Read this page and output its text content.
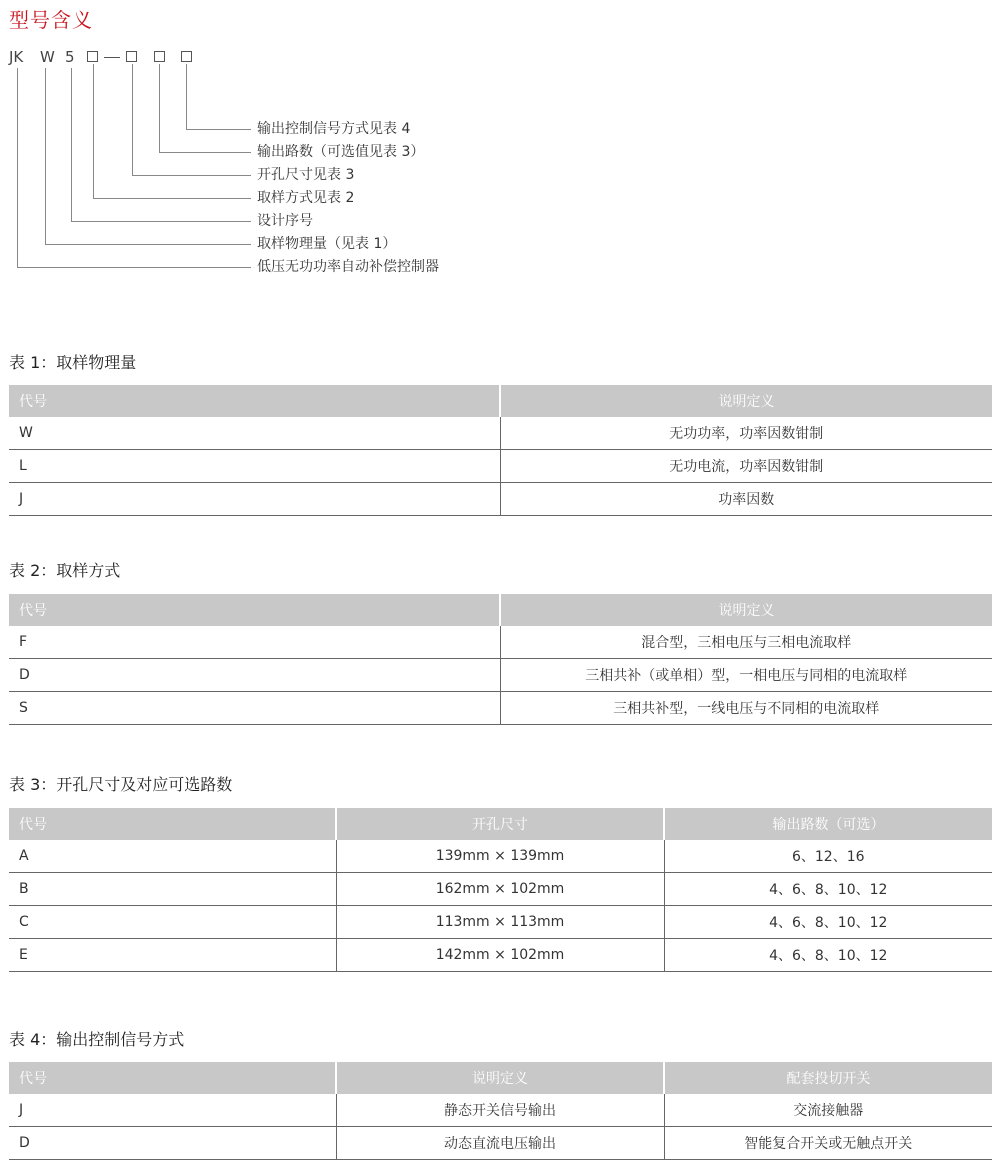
型号含义
JK W 5
输出控制信号方式见表 4
输出路数（可选值见表 3）
开孔尺寸见表 3
取样方式见表 2
设计序号
取样物理量（见表 1）
低压无功功率自动补偿控制器
表 1：取样物理量
代号	说明定义
W	无功功率，功率因数钳制
L	无功电流，功率因数钳制
J	功率因数
表 2：取样方式
代号	说明定义
F	混合型，三相电压与三相电流取样
D	三相共补（或单相）型，一相电压与同相的电流取样
S	三相共补型，一线电压与不同相的电流取样
表 3：开孔尺寸及对应可选路数
代号	开孔尺寸	输出路数（可选）
A	139mm × 139mm	6、12、16
B	162mm × 102mm	4、6、8、10、12
C	113mm × 113mm	4、6、8、10、12
E	142mm × 102mm	4、6、8、10、12
表 4：输出控制信号方式
代号	说明定义	配套投切开关
J	静态开关信号输出	交流接触器
D	动态直流电压输出	智能复合开关或无触点开关
